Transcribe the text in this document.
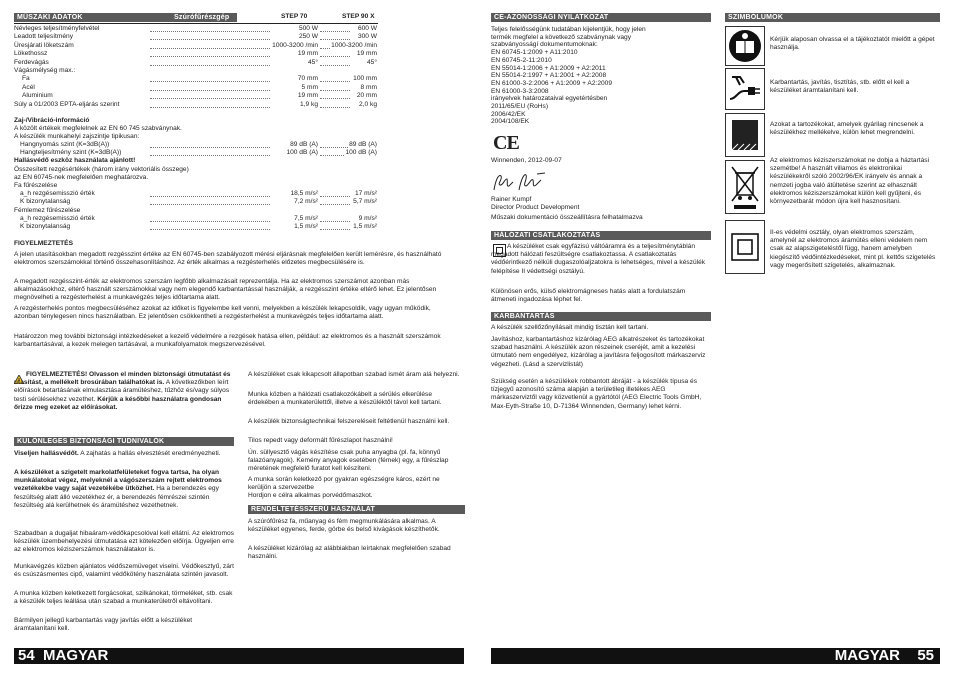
MŰSZAKI ADATOK	Szúrófűrészgép	STEP 70	STEP 90 X
Névleges teljesítményfelvétel	500 W	600 W
Leadott teljesítmény	250 W	300 W
Üresjárati löketszám	1000-3200 /min 1000-3200 /min
Lökethossz	19 mm	19 mm
Ferdevágás	45°	45°
Vágásmélység max.:
Fa	70 mm	100 mm
Acél	5 mm	8 mm
Aluminium	19 mm	20 mm
Súly a 01/2003 EPTA-eljárás szerint	1,9 kg	2,0 kg
Zaj-/Vibráció-információ
A közölt értékek megfelelnek az EN 60 745 szabványnak.
A készülék munkahelyi zajszintje tipikusan:
Hangnyomás szint (K=3dB(A))	89 dB (A)	89 dB (A)
Hangteljesítmény szint (K=3dB(A))	100 dB (A)	100 dB (A)
Hallásvédő eszköz használata ajánlott!
Összesített rezgésértékek (három irány vektoriális összege)
az EN 60745-nek megfelelően meghatározva.
Fa fűrészelése
Fémlemez fűrészelése
a_h rezgésemisszió érték	18,5 m/s²	17 m/s²
K bizonytalanság	7,2 m/s²	5,7 m/s²
a_h rezgésemisszió érték	7,5 m/s²	9 m/s²
K bizonytalanság	1,5 m/s²	1,5 m/s²
FIGYELMEZTETÉS
A jelen utasításokban megadott rezgésszint értéke az EN 60745-ben szabályozott mérési eljárásnak megfelelően került lemérésre, és használható elektromos szerszámokkal történő összehasonlításhoz. Az érték alkalmas a rezgésterhelés előzetes megbecsülésére is.
A megadott rezgésszint-érték az elektromos szerszám legfőbb alkalmazásait reprezentálja. Ha az elektromos szerszámot azonban más alkalmazásokhoz, eltérő használt szerszámokkal vagy nem elegendő karbantartással használják, a rezgésszint értéke eltérő lehet. Ez jelentősen megnövelheti a rezgésterhelést a munkavégzés teljes időtartama alatt.
A rezgésterhelés pontos megbecsüléséhez azokat az időket is figyelembe kell venni, melyekben a készülék lekapcsoldik, vagy ugyan működik, azonban ténylegesen nincs használatban. Ez jelentősen csökkentheti a rezgésterhelést a munkavégzés teljes időtartama alatt.
Határozzon meg további biztonsági intézkedéseket a kezelő védelmére a rezgések hatása ellen, például: az elektromos és a használt szerszámok karbantartásával, a kezek melegen tartásával, a munkafolyamatok megszervezésével.
FIGYELMEZTETÉS! Olvasson el minden biztonsági útmutatást és utasítást, a mellékelt brosúrában találhatókat is. A következőkben leírt előírások betartásának elmulasztása áramütéshez, tűzhöz és/vagy súlyos testi sérülésekhez vezethet. Kérjük a későbbi használatra gondosan őrizze meg ezeket az előírásokat.
KÜLÖNLEGES BIZTONSÁGI TUDNIVALÓK
Viseljen hallásvédőt. A zajhatás a hallás elvesztését eredményezheti.
A készüléket a szigetelt markolatfelületeket fogva tartsa, ha olyan munkálatokat végez, melyeknél a vágószerszám rejtett elektromos vezetékekbe vagy saját vezetékébe ütközhet. Ha a berendezés egy feszültség alatt álló vezetékhez ér, a berendezés fémrészei szintén feszültség alá kerülhetnek és áramütéshez vezethetnek.
Szabadban a dugaljat hibaáram-védőkapcsolóval kell ellátni. Az elektromos készülék üzembehelyezési útmutatása ezt kötelezően előírja. Ügyeljen erre az elektromos kéziszerszámok használatakor is.
Munkavégzés közben ajánlatos védőszemüveget viselni. Védőkesztyű, zárt és csúszásmentes cipő, valamint védőkötény használata szintén javasolt.
A munka közben keletkezett forgácsokat, szilkánokat, törmeléket, stb. csak a készülék teljes leállása után szabad a munkaterületről eltávolítani.
Bármilyen jellegű karbantartás vagy javítás előtt a készüléket áramtalanítani kell.
A készüléket csak kikapcsolt állapotban szabad ismét áram alá helyezni.
Munka közben a hálózati csatlakozókábelt a sérülés elkerülése érdekében a munkaterülettől, illetve a készüléktől távol kell tartani.
A készülék biztonságtechnikai felszereléseit feltétlenül használni kell.
Tilos repedt vagy deformált fűrészlapot használni!
Ún. süllyesztő vágás készítése csak puha anyagba (pl. fa, könnyű falazóanyagok). Kemény anyagok esetében (fémek) egy, a fűrészlap méretének megfelelő furatot kell készíteni.
A munka során keletkező por gyakran egészségre káros, ezért ne kerüljön a szervezetbe
Hordjon e célra alkalmas porvédőmaszkot.
RENDELTETÉSSZERŰ HASZNÁLAT
A szúrófűrész fa, műanyag és fém megmunkálására alkalmas. A készüléket egyenes, ferde, görbe és belső kivágások készíthetők.
A készüléket kizárólag az alábbiakban leírtaknak megfelelően szabad használni.
54  MAGYAR
CE-AZONOSSÁGI NYILATKOZAT
Teljes felelősségünk tudatában kijelentjük, hogy jelen
termék megfelel a következő szabványnak vagy
szabványosságí dokumentumoknak:
EN 60745-1:2009 + A11:2010
EN 60745-2-11:2010
EN 55014-1:2006 + A1:2009 + A2:2011
EN 55014-2:1997 + A1:2001 + A2:2008
EN 61000-3-2:2006 + A1:2009 + A2:2009
EN 61000-3-3:2008
irányelvek határozataival egyetértésben
2011/65/EU (RoHs)
2006/42/EK
2004/108/EK
CE
Winnenden, 2012-09-07
Rainer Kumpf
Director Product Development
Műszaki dokumentáció összeállításra felhatalmazva
HÁLÓZATI CSATLAKOZTATÁS
A készüléket csak egyfázisú váltóáramra és a teljesítménytáblán megadott hálózati feszültségre csatlakoztassa. A csatlakoztatás védőérintkező nélküli dugaszolóaljzatokra is lehetséges, mivel a készülék felépítése II védettségi osztályú.
Különösen erős, külső elektromágneses hatás alatt a fordulatszám átmeneti ingadozása léphet fel.
KARBANTARTÁS
A készülék szellőzőnyílásait mindig tisztán kell tartani.
Javításhoz, karbantartáshoz kizárólag AEG alkatrészeket és tartozékokat szabad használni. A készülék azon részeinek cseréjét, amit a kezelési útmutató nem engedélyez, kizárólag a javításra feljogosított márkaszerviz végezheti. (Lásd a szervizlistát)
Szükség esetén a készülékek robbantott ábráját - a készülék típusa és tízjegyű azonosító száma alapján a területileg illetékes AEG márkaszerviztől vagy közvetlenül a gyártótól (AEG Electric Tools GmbH, Max-Eyth-Straße 10, D-71364 Winnenden, Germany) lehet kérni.
SZIMBÓLUMOK
Kérjük alaposan olvassa el a tájékoztatót mielőtt a gépet használja.
Karbantartás, javítás, tisztítás, stb. előtt el kell a készüléket áramtalanítani kell.
Azokat a tartozékokat, amelyek gyárilag nincsenek a készülékhez mellékelve, külön lehet megrendelni.
Az elektromos kéziszerszámokat ne dobja a háztartási szemétbe! A használt villamos és elektronikai készülékekről szóló 2002/96/EK irányelv és annak a nemzeti jogba való átültetése szerint az elhasznált elektromos kéziszerszámokat külön kell gyűjteni, és környezetbarát módon újra kell hasznosítani.
II-es védelmi osztály, olyan elektromos szerszám, amelynél az elektromos áramütés elleni védelem nem csak az alapszigeteléstől függ, hanem amelyben kiegészítő védőintézkedéseket, mint pl. kettős szigetelés vagy megerősített szigetelés, alkalmaznak.
MAGYAR 55
